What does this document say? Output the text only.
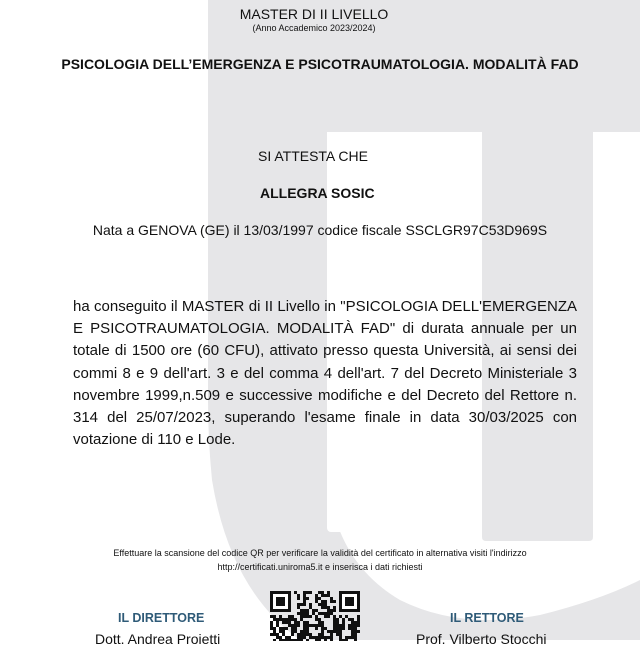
MASTER DI II LIVELLO
(Anno Accademico 2023/2024)
PSICOLOGIA DELL’EMERGENZA E PSICOTRAUMATOLOGIA. MODALITÀ FAD
SI ATTESTA CHE
ALLEGRA SOSIC
Nata a GENOVA (GE) il 13/03/1997 codice fiscale SSCLGR97C53D969S
ha conseguito il MASTER di II Livello in "PSICOLOGIA DELL'EMERGENZA E PSICOTRAUMATOLOGIA. MODALITÀ FAD" di durata annuale per un totale di 1500 ore (60 CFU), attivato presso questa Università, ai sensi dei commi 8 e 9 dell'art. 3 e del comma 4 dell'art. 7 del Decreto Ministeriale 3 novembre 1999,n.509 e successive modifiche e del Decreto del Rettore n. 314 del 25/07/2023, superando l'esame finale in data 30/03/2025 con votazione di 110 e Lode.
Effettuare la scansione del codice QR per verificare la validità del certificato in alternativa visiti l'indirizzo http://certificati.uniroma5.it e inserisca i dati richiesti
IL DIRETTORE
Dott. Andrea Proietti
IL RETTORE
Prof. Vilberto Stocchi
